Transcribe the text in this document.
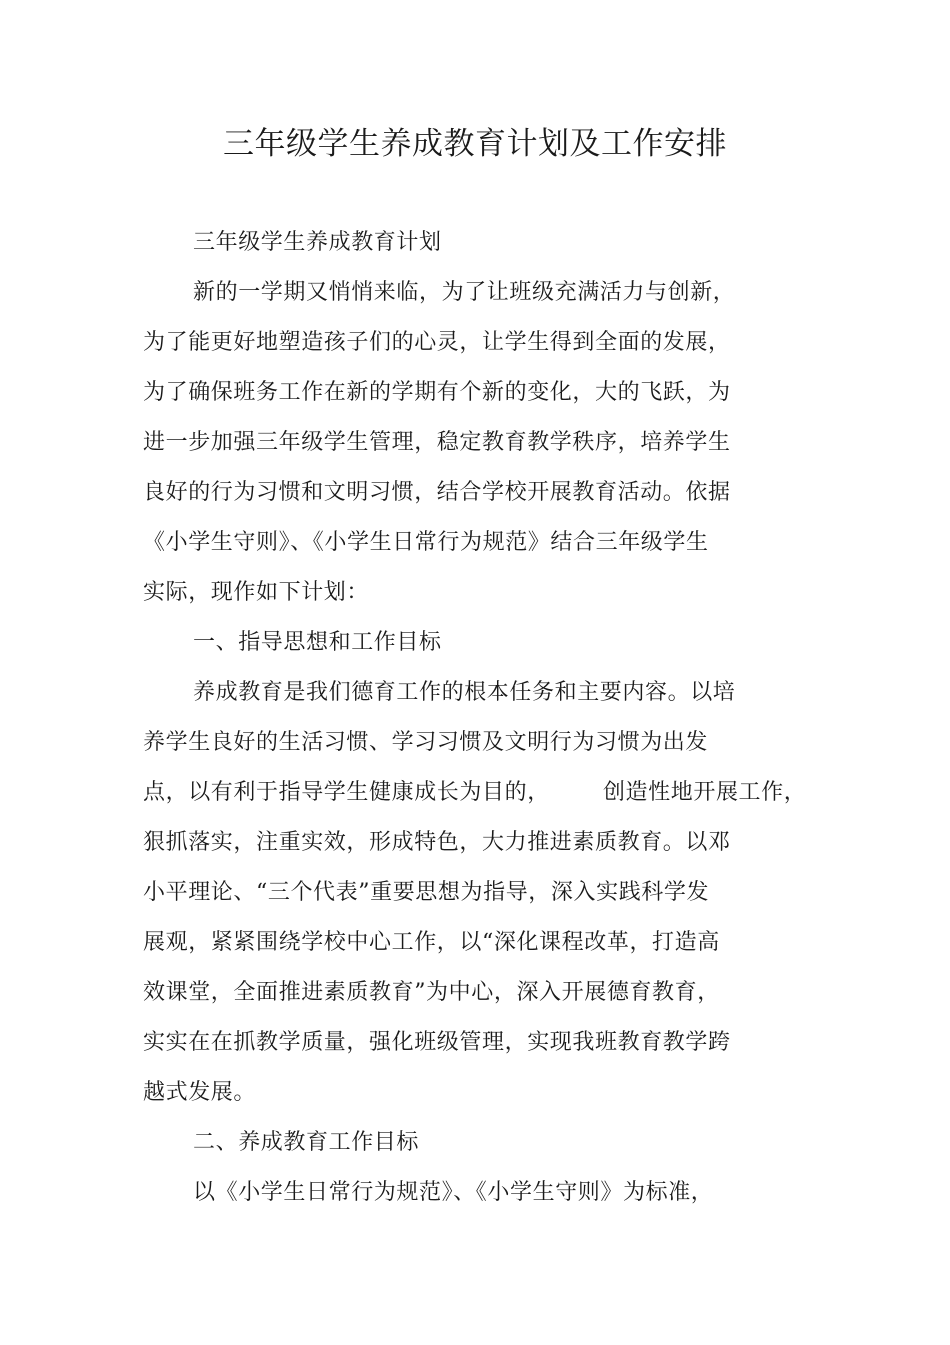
三年级学生养成教育计划及工作安排
三年级学生养成教育计划
新的一学期又悄悄来临，为了让班级充满活力与创新，
为了能更好地塑造孩子们的心灵，让学生得到全面的发展，
为了确保班务工作在新的学期有个新的变化，大的飞跃，为
进一步加强三年级学生管理，稳定教育教学秩序，培养学生
良好的行为习惯和文明习惯，结合学校开展教育活动。依据
《小学生守则》、《小学生日常行为规范》结合三年级学生
实际，现作如下计划：
一、指导思想和工作目标
养成教育是我们德育工作的根本任务和主要内容。以培
养学生良好的生活习惯、学习习惯及文明行为习惯为出发
点，以有利于指导学生健康成长为目的，       创造性地开展工作，
狠抓落实，注重实效，形成特色，大力推进素质教育。以邓
小平理论、“三个代表”重要思想为指导，深入实践科学发
展观，紧紧围绕学校中心工作，以“深化课程改革，打造高
效课堂，全面推进素质教育”为中心，深入开展德育教育，
实实在在抓教学质量，强化班级管理，实现我班教育教学跨
越式发展。
二、养成教育工作目标
以《小学生日常行为规范》、《小学生守则》为标准，
